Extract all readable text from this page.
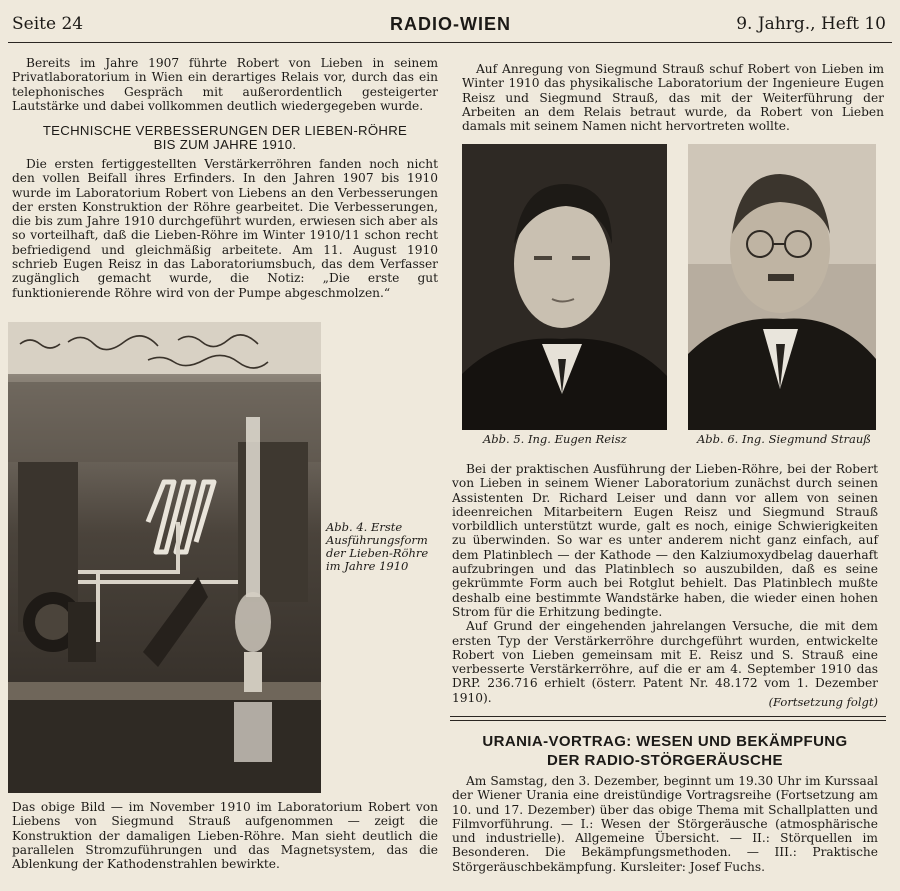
Seite 24	RADIO-WIEN	9. Jahrg., Heft 10

Bereits im Jahre 1907 führte Robert von Lieben in seinem Privatlaboratorium in Wien ein derartiges Relais vor, durch das ein telephonisches Gespräch mit außerordentlich gesteigerter Lautstärke und dabei vollkommen deutlich wiedergegeben wurde.

TECHNISCHE VERBESSERUNGEN DER LIEBEN-RÖHRE
BIS ZUM JAHRE 1910.

Die ersten fertiggestellten Verstärkerröhren fanden noch nicht den vollen Beifall ihres Erfinders. In den Jahren 1907 bis 1910 wurde im Laboratorium Robert von Liebens an den Verbesserungen der ersten Konstruktion der Röhre gearbeitet. Die Verbesserungen, die bis zum Jahre 1910 durchgeführt wurden, erwiesen sich aber als so vorteilhaft, daß die Lieben-Röhre im Winter 1910/11 schon recht befriedigend und gleichmäßig arbeitete. Am 11. August 1910 schrieb Eugen Reisz in das Laboratoriumsbuch, das dem Verfasser zugänglich gemacht wurde, die Notiz: „Die erste gut funktionierende Röhre wird von der Pumpe abgeschmolzen.“

Abb. 4. Erste Ausführungsform der Lieben-Röhre im Jahre 1910

Das obige Bild — im November 1910 im Laboratorium Robert von Liebens von Siegmund Strauß aufgenommen — zeigt die Konstruktion der damaligen Lieben-Röhre. Man sieht deutlich die parallelen Stromzuführungen und das Magnetsystem, das die Ablenkung der Kathodenstrahlen bewirkte.

Auf Anregung von Siegmund Strauß schuf Robert von Lieben im Winter 1910 das physikalische Laboratorium der Ingenieure Eugen Reisz und Siegmund Strauß, das mit der Weiterführung der Arbeiten an dem Relais betraut wurde, da Robert von Lieben damals mit seinem Namen nicht hervortreten wollte.

Abb. 5. Ing. Eugen Reisz	Abb. 6. Ing. Siegmund Strauß

Bei der praktischen Ausführung der Lieben-Röhre, bei der Robert von Lieben in seinem Wiener Laboratorium zunächst durch seinen Assistenten Dr. Richard Leiser und dann vor allem von seinen ideenreichen Mitarbeitern Eugen Reisz und Siegmund Strauß vorbildlich unterstützt wurde, galt es noch, einige Schwierigkeiten zu überwinden. So war es unter anderem nicht ganz einfach, auf dem Platinblech — der Kathode — den Kalziumoxydbelag dauerhaft aufzubringen und das Platinblech so auszubilden, daß es seine gekrümmte Form auch bei Rotglut behielt. Das Platinblech mußte deshalb eine bestimmte Wandstärke haben, die wieder einen hohen Strom für die Erhitzung bedingte.

Auf Grund der eingehenden jahrelangen Versuche, die mit dem ersten Typ der Verstärkerröhre durchgeführt wurden, entwickelte Robert von Lieben gemeinsam mit E. Reisz und S. Strauß eine verbesserte Verstärkerröhre, auf die er am 4. September 1910 das DRP. 236.716 erhielt (österr. Patent Nr. 48.172 vom 1. Dezember 1910).	(Fortsetzung folgt)
URANIA-VORTRAG: WESEN UND BEKÄMPFUNG
DER RADIO-STÖRGERÄUSCHE

Am Samstag, den 3. Dezember, beginnt um 19.30 Uhr im Kurssaal der Wiener Urania eine dreistündige Vortragsreihe (Fortsetzung am 10. und 17. Dezember) über das obige Thema mit Schallplatten und Filmvorführung. — I.: Wesen der Störgeräusche (atmosphärische und industrielle). Allgemeine Übersicht. — II.: Störquellen im Besonderen. Die Bekämpfungsmethoden. — III.: Praktische Störgeräuschbekämpfung. Kursleiter: Josef Fuchs.
